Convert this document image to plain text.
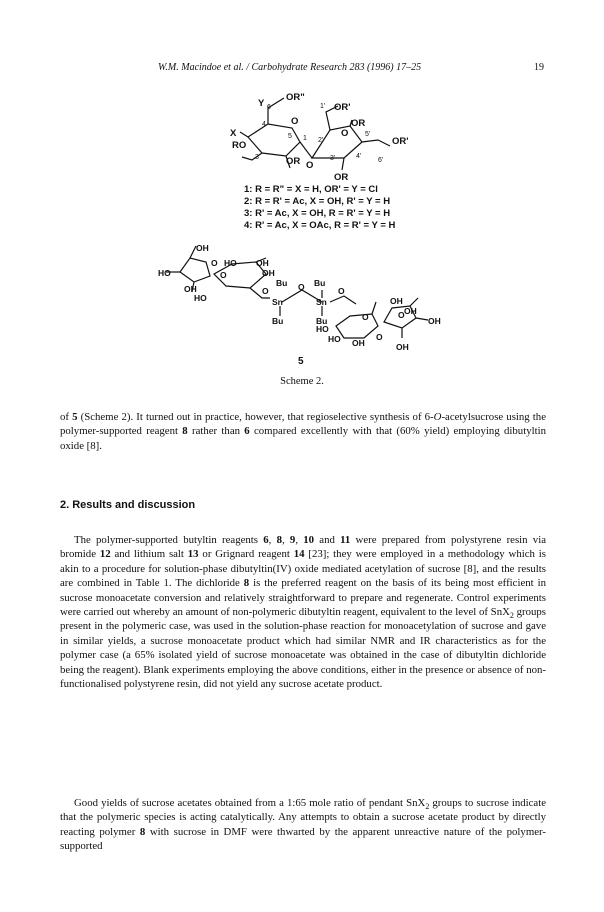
W.M. Macindoe et al. / Carbohydrate Research 283 (1996) 17–25	19
OR"
Y 6
4	O
X
RO
3
5 1
OR O
1' OR'
OR
O
2'
5'
OR'
3'	4'
6'
OR
1: R = R" = X = H, OR' = Y = Cl
2: R = R' = Ac, X = OH, R' = Y = H
3: R' = Ac, X = OH, R = R' = Y = H
4: R' = Ac, X = OAc, R = R' = Y = H
OH
HO
OH
HO
O HO OH
OH
O
O
Bu	Bu
Sn
O
Sn
O
Bu	Bu
OH
OH
OH
HO
HO OH
O
O
OH
O
5
Scheme 2.

of 5 (Scheme 2). It turned out in practice, however, that regioselective synthesis of 6-O-acetylsucrose using the polymer-supported reagent 8 rather than 6 compared excellently with that (60% yield) employing dibutyltin oxide [8].

2. Results and discussion

The polymer-supported butyltin reagents 6, 8, 9, 10 and 11 were prepared from polystyrene resin via bromide 12 and lithium salt 13 or Grignard reagent 14 [23]; they were employed in a methodology which is akin to a procedure for solution-phase dibutyltin(IV) oxide mediated acetylation of sucrose [8], and the results are combined in Table 1. The dichloride 8 is the preferred reagent on the basis of its being most efficient in sucrose monoacetate conversion and relatively straightforward to prepare and regenerate. Control experiments were carried out whereby an amount of non-polymeric dibutyltin reagent, equivalent to the level of SnX$_2$ groups present in the polymeric case, was used in the solution-phase reaction for monoacetylation of sucrose and gave in similar yields, a sucrose monoacetate product which had similar NMR and IR characteristics as for the polymer case (a 65% isolated yield of sucrose monoacetate was obtained in the case of dibutyltin dichloride being the reagent). Blank experiments employing the above conditions, either in the presence or absence of non-functionalised polystyrene resin, did not yield any sucrose acetate product.

Good yields of sucrose acetates obtained from a 1:65 mole ratio of pendant SnX$_2$ groups to sucrose indicate that the polymeric species is acting catalytically. Any attempts to obtain a sucrose acetate product by directly reacting polymer 8 with sucrose in DMF were thwarted by the apparent unreactive nature of the polymer-supported
